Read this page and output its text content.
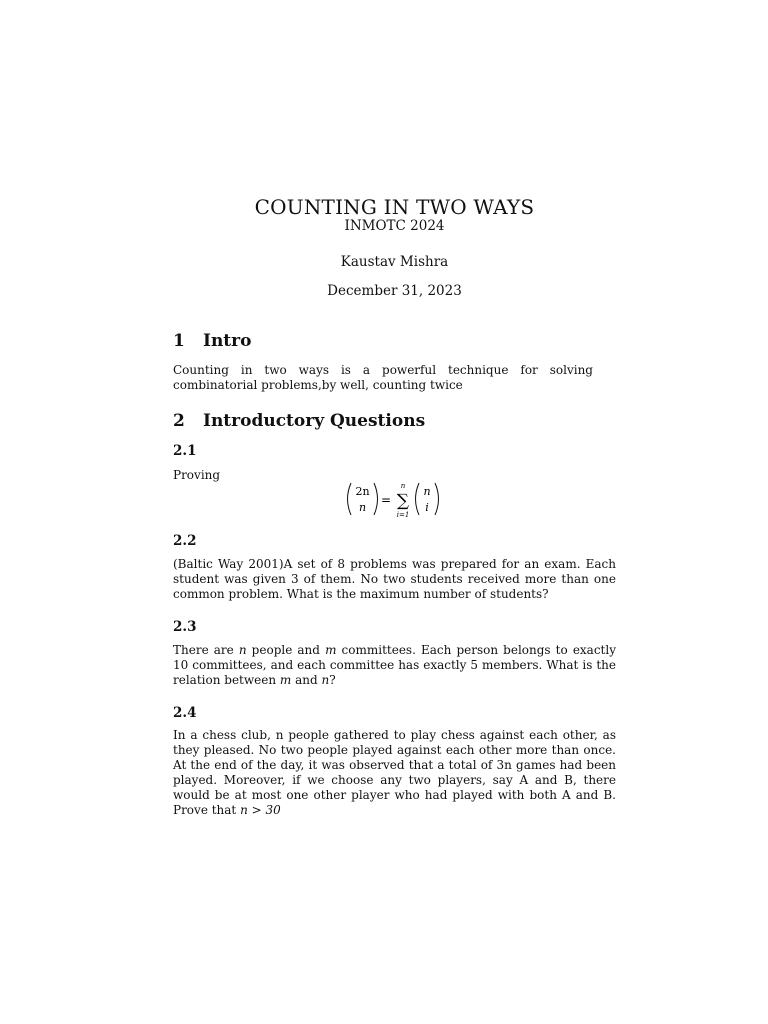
COUNTING IN TWO WAYS
INMOTC 2024
Kaustav Mishra
December 31, 2023
1 Intro

Counting in two ways is a powerful technique for solving combinatorial problems,by well, counting twice

2 Introductory Questions
2.1

Proving

2n
n
=
n
∑
i=1
n
i
2.2

(Baltic Way 2001)A set of 8 problems was prepared for an exam. Each student was given 3 of them. No two students received more than one common problem. What is the maximum number of students?

2.3

There are n people and m committees. Each person belongs to exactly 10 committees, and each committee has exactly 5 members. What is the relation between m and n?

2.4

In a chess club, n people gathered to play chess against each other, as they pleased. No two people played against each other more than once. At the end of the day, it was observed that a total of 3n games had been played. Moreover, if we choose any two players, say A and B, there would be at most one other player who had played with both A and B. Prove that n > 30
